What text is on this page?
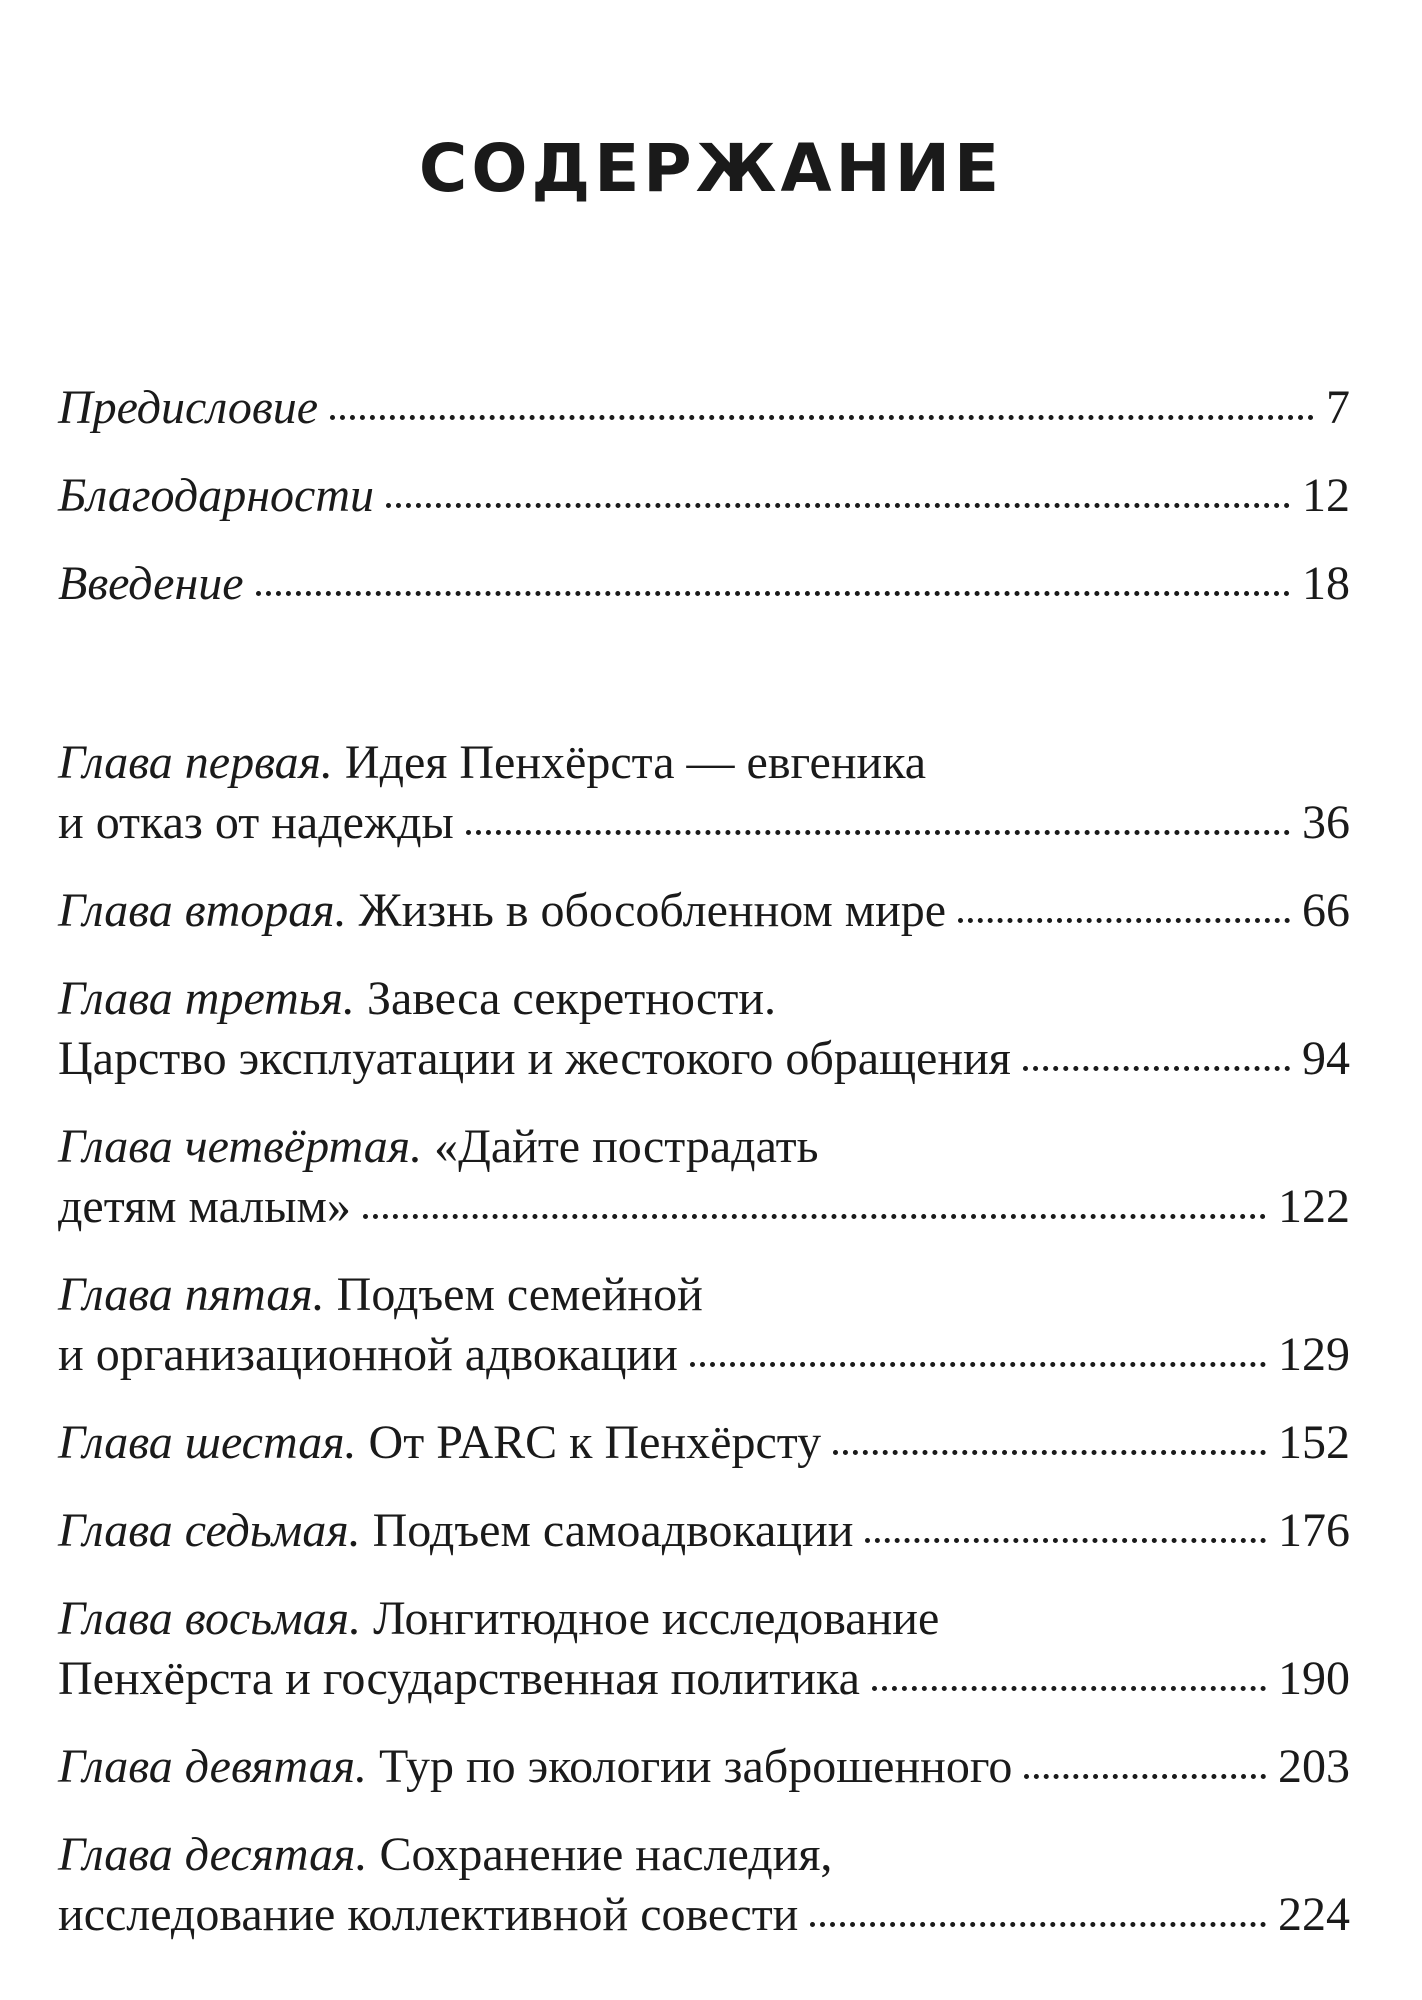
СОДЕРЖАНИЕ
Предисловие	7
Благодарности	12
Введение	18
Глава первая. Идея Пенхёрста — евгеника
и отказ от надежды	36
Глава вторая. Жизнь в обособленном мире	66
Глава третья. Завеса секретности.
Царство эксплуатации и жестокого обращения	94
Глава четвёртая. «Дайте пострадать
детям малым»	122
Глава пятая. Подъем семейной
и организационной адвокации	129
Глава шестая. От PARC к Пенхёрсту	152
Глава седьмая. Подъем самоадвокации	176
Глава восьмая. Лонгитюдное исследование
Пенхёрста и государственная политика	190
Глава девятая. Тур по экологии заброшенного	203
Глава десятая. Сохранение наследия,
исследование коллективной совести	224
